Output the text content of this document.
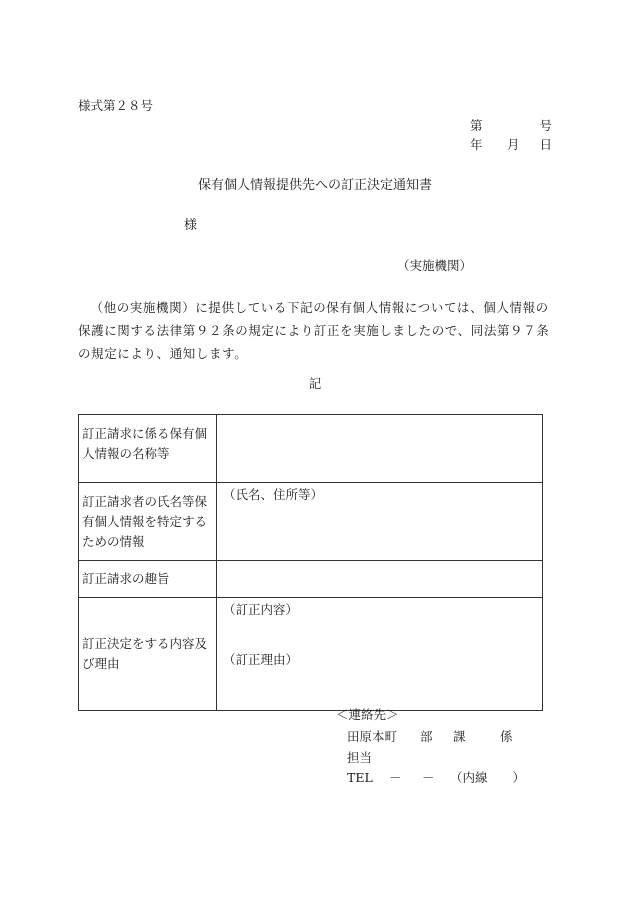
様式第２８号
第	号
年 月 日
保有個人情報提供先への訂正決定通知書
様
（実施機関）

（他の実施機関）に提供している下記の保有個人情報については、個人情報の保護に関する法律第９２条の規定により訂正を実施しましたので、同法第９７条の規定により、通知します。

記
訂正請求に係る保有個人情報の名称等	
訂正請求者の氏名等保有個人情報を特定するための情報	（氏名、住所等）
訂正請求の趣旨	
訂正決定をする内容及び理由	（訂正内容）
（訂正理由）
＜連絡先＞
田原本町 部 課	係
担当
TEL － － （内線　　）
